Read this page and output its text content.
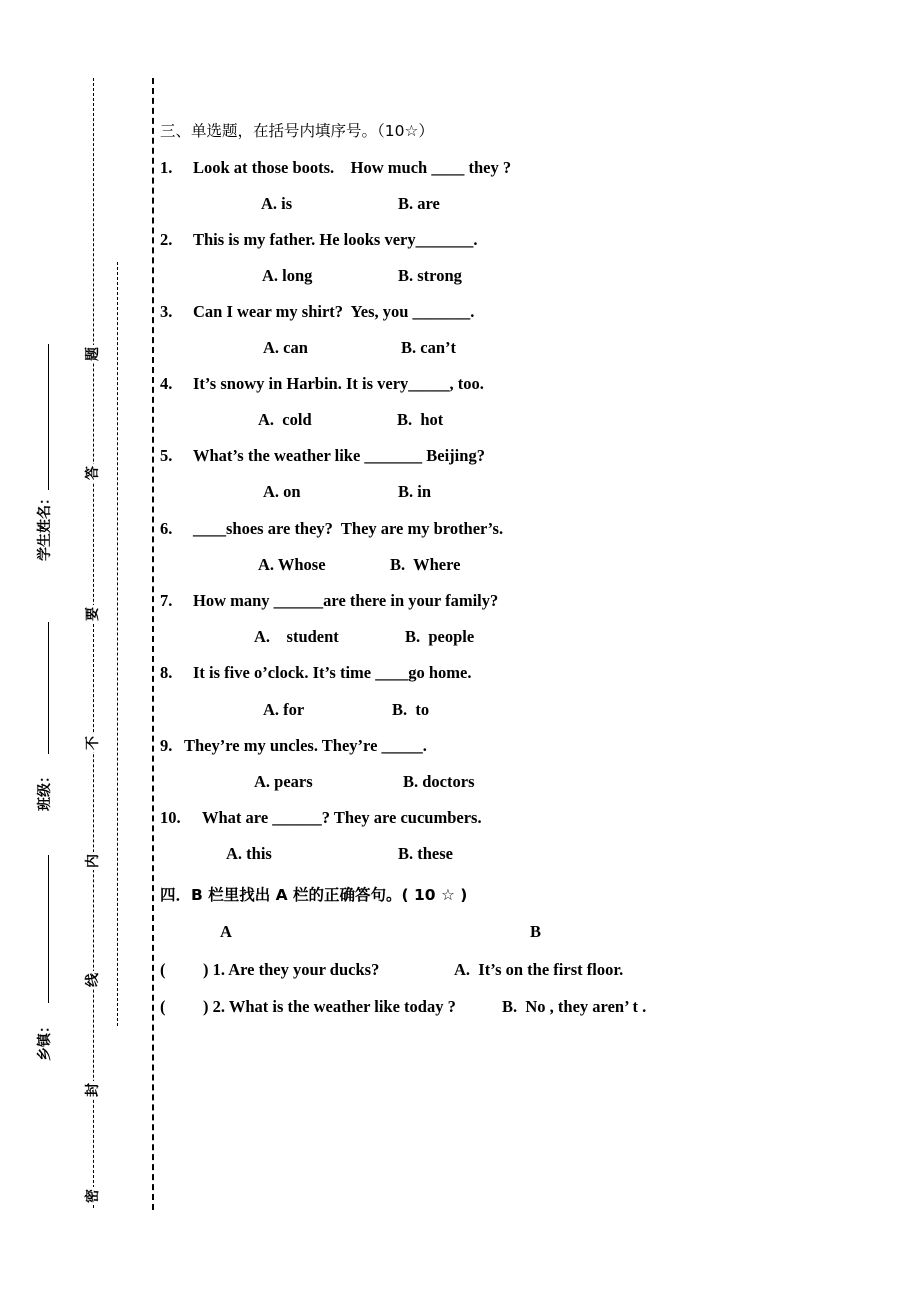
题
答
要
不
内
线
封
密
学生姓名：
班级：
乡镇：
三、单选题，在括号内填序号。（10☆）
1. Look at those boots.    How much ____ they ?
A. is	B. are
2. This is my father. He looks very_______.
A. long	B. strong
3. Can I wear my shirt?  Yes, you _______.
A. can	B. can’t
4. It’s snowy in Harbin. It is very_____, too.
A.  cold	B.  hot
5. What’s the weather like _______ Beijing?
A. on	B. in
6. ____shoes are they?  They are my brother’s.
A. Whose	B.  Where
7. How many ______are there in your family?
A.    student	B.  people
8. It is five o’clock. It’s time ____go home.
A. for	B.  to
9. They’re my uncles. They’re _____.
A. pears	B. doctors
10. What are ______? They are cucumbers.
A. this	B. these
四．B 栏里找出 A 栏的正确答句。( 10 ☆ )
A	B
( ) 1. Are they your ducks?	A.  It’s on the first floor.
( ) 2. What is the weather like today ?	B.  No , they aren’ t .
